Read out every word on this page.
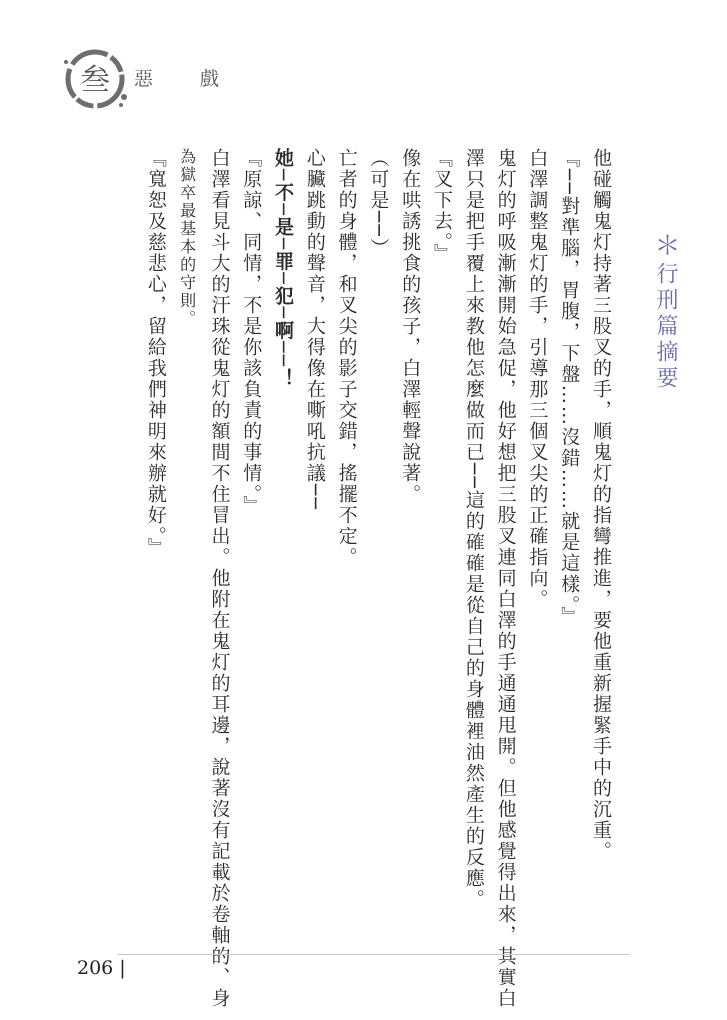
叁 惡　戲
＊行刑篇摘要

他碰觸鬼灯持著三股叉的手，順鬼灯的指彎推進，要他重新握緊手中的沉重。

『──對準腦，胃腹，下盤……沒錯……就是這樣。』

白澤調整鬼灯的手，引導那三個叉尖的正確指向。

鬼灯的呼吸漸漸開始急促，他好想把三股叉連同白澤的手通通甩開。但他感覺得出來，其實白

澤只是把手覆上來教他怎麼做而已──這的確確是從自己的身體裡油然產生的反應。

『叉下去。』

像在哄誘挑食的孩子，白澤輕聲說著。

（可是──）

亡者的身體，和叉尖的影子交錯，搖擺不定。

心臟跳動的聲音，大得像在嘶吼抗議──

她─不─是─罪─犯─啊──！

『原諒、同情，不是你該負責的事情。』

白澤看見斗大的汗珠從鬼灯的額間不住冒出。他附在鬼灯的耳邊，說著沒有記載於卷軸的、身

為獄卒最基本的守則。

『寬恕及慈悲心，留給我們神明來辦就好。』

206 |
